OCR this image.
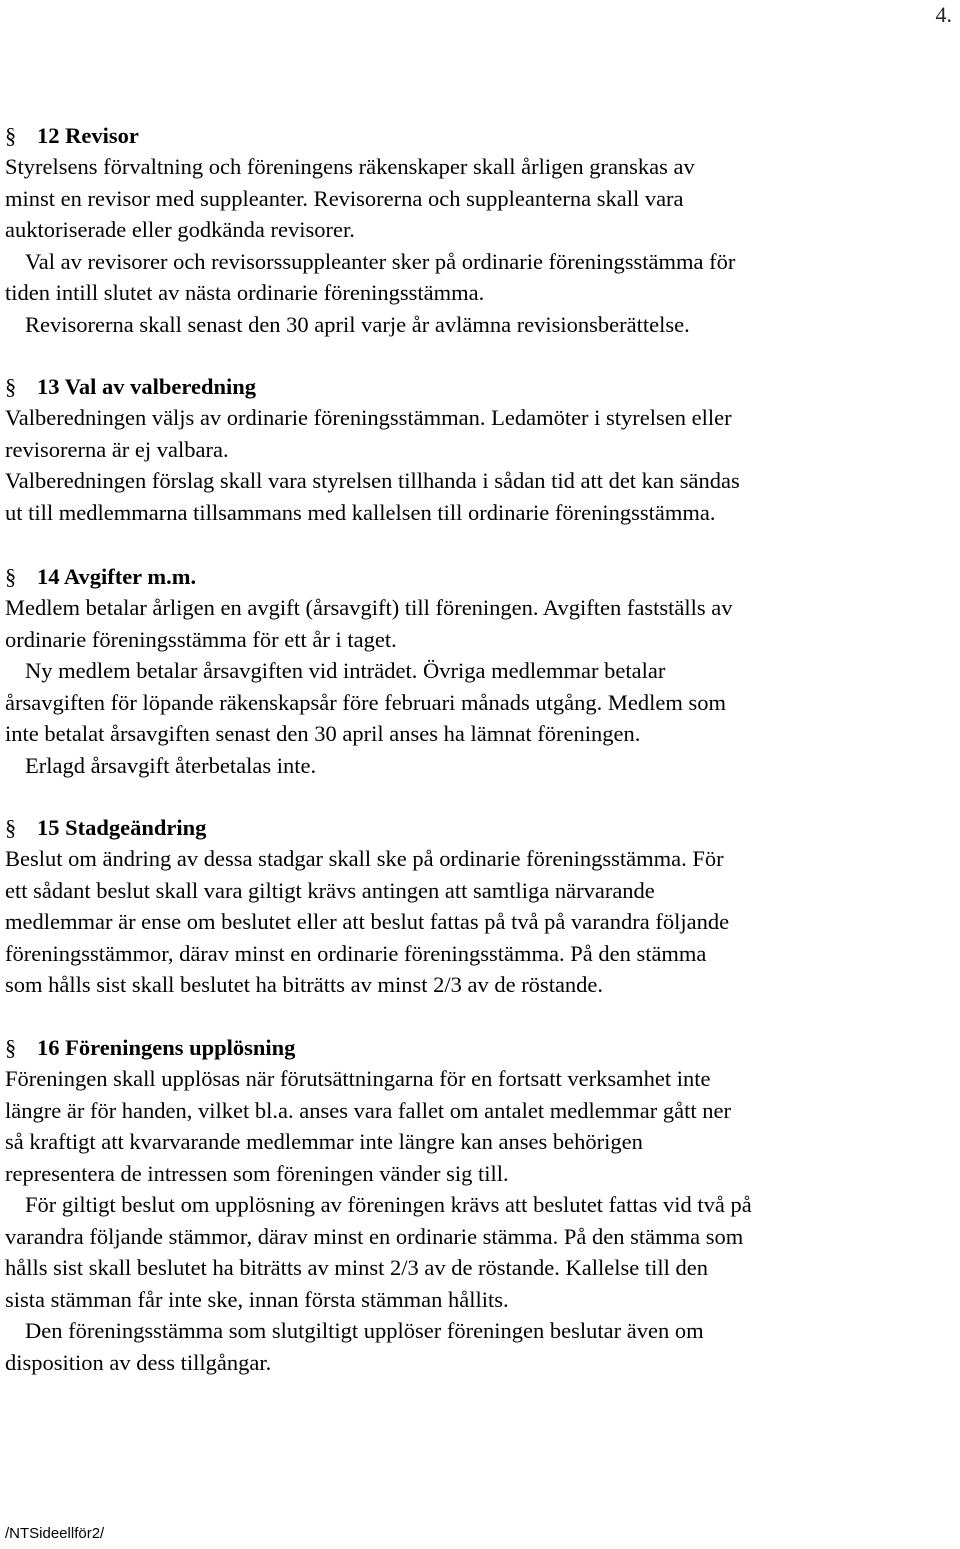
4.
§ 12 Revisor
Styrelsens förvaltning och föreningens räkenskaper skall årligen granskas av
minst en revisor med suppleanter. Revisorerna och suppleanterna skall vara
auktoriserade eller godkända revisorer.
Val av revisorer och revisorssuppleanter sker på ordinarie föreningsstämma för
tiden intill slutet av nästa ordinarie föreningsstämma.
Revisorerna skall senast den 30 april varje år avlämna revisionsberättelse.
§ 13 Val av valberedning
Valberedningen väljs av ordinarie föreningsstämman. Ledamöter i styrelsen eller
revisorerna är ej valbara.
Valberedningen förslag skall vara styrelsen tillhanda i sådan tid att det kan sändas
ut till medlemmarna tillsammans med kallelsen till ordinarie föreningsstämma.
§ 14 Avgifter m.m.
Medlem betalar årligen en avgift (årsavgift) till föreningen. Avgiften fastställs av
ordinarie föreningsstämma för ett år i taget.
Ny medlem betalar årsavgiften vid inträdet. Övriga medlemmar betalar
årsavgiften för löpande räkenskapsår före februari månads utgång. Medlem som
inte betalat årsavgiften senast den 30 april anses ha lämnat föreningen.
Erlagd årsavgift återbetalas inte.
§ 15 Stadgeändring
Beslut om ändring av dessa stadgar skall ske på ordinarie föreningsstämma. För
ett sådant beslut skall vara giltigt krävs antingen att samtliga närvarande
medlemmar är ense om beslutet eller att beslut fattas på två på varandra följande
föreningsstämmor, därav minst en ordinarie föreningsstämma. På den stämma
som hålls sist skall beslutet ha biträtts av minst 2/3 av de röstande.
§ 16 Föreningens upplösning
Föreningen skall upplösas när förutsättningarna för en fortsatt verksamhet inte
längre är för handen, vilket bl.a. anses vara fallet om antalet medlemmar gått ner
så kraftigt att kvarvarande medlemmar inte längre kan anses behörigen
representera de intressen som föreningen vänder sig till.
För giltigt beslut om upplösning av föreningen krävs att beslutet fattas vid två på
varandra följande stämmor, därav minst en ordinarie stämma. På den stämma som
hålls sist skall beslutet ha biträtts av minst 2/3 av de röstande. Kallelse till den
sista stämman får inte ske, innan första stämman hållits.
Den föreningsstämma som slutgiltigt upplöser föreningen beslutar även om
disposition av dess tillgångar.
/NTSideellför2/
